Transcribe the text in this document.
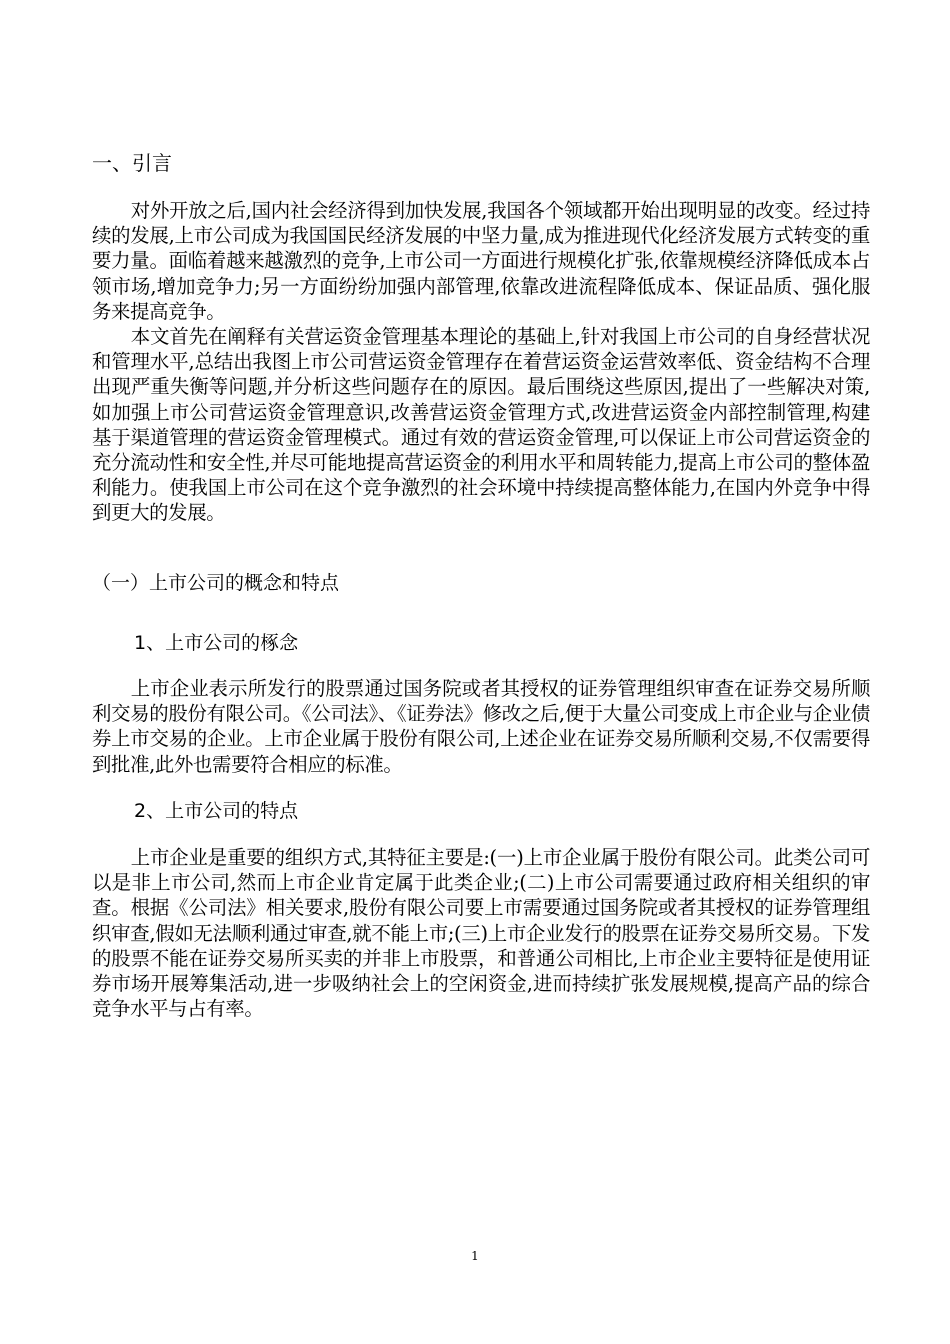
一、引言

对外开放之后,国内社会经济得到加快发展,我国各个领域都开始出现明显的改变。经过持续的发展,上市公司成为我国国民经济发展的中坚力量,成为推进现代化经济发展方式转变的重要力量。面临着越来越激烈的竞争,上市公司一方面进行规模化扩张,依靠规模经济降低成本占领市场,增加竞争力;另一方面纷纷加强内部管理,依靠改进流程降低成本、保证品质、强化服务来提高竞争。

本文首先在阐释有关营运资金管理基本理论的基础上,针对我国上市公司的自身经营状况和管理水平,总结出我图上市公司营运资金管理存在着营运资金运营效率低、资金结构不合理出现严重失衡等问题,并分析这些问题存在的原因。最后围绕这些原因,提出了一些解决对策,如加强上市公司营运资金管理意识,改善营运资金管理方式,改进营运资金内部控制管理,构建基于渠道管理的营运资金管理模式。通过有效的营运资金管理,可以保证上市公司营运资金的充分流动性和安全性,并尽可能地提高营运资金的利用水平和周转能力,提高上市公司的整体盈利能力。使我国上市公司在这个竞争激烈的社会环境中持续提高整体能力,在国内外竞争中得到更大的发展。

（一）上市公司的概念和特点
1、上市公司的椓念

上市企业表示所发行的股票通过国务院或者其授权的证券管理组织审查在证券交易所顺利交易的股份有限公司。《公司法》、《证券法》修改之后,便于大量公司变成上市企业与企业债券上市交易的企业。上市企业属于股份有限公司,上述企业在证券交易所顺利交易,不仅需要得到批准,此外也需要符合相应的标准。

2、上市公司的特点

上市企业是重要的组织方式,其特征主要是:(一)上市企业属于股份有限公司。此类公司可以是非上市公司,然而上市企业肯定属于此类企业;(二)上市公司需要通过政府相关组织的审查。根据《公司法》相关要求,股份有限公司要上市需要通过国务院或者其授权的证券管理组织审查,假如无法顺利通过审查,就不能上市;(三)上市企业发行的股票在证券交易所交易。下发的股票不能在证券交易所买卖的并非上市股票，和普通公司相比,上市企业主要特征是使用证券市场开展筹集活动,进一步吸纳社会上的空闲资金,进而持续扩张发展规模,提高产品的综合竞争水平与占有率。

1
